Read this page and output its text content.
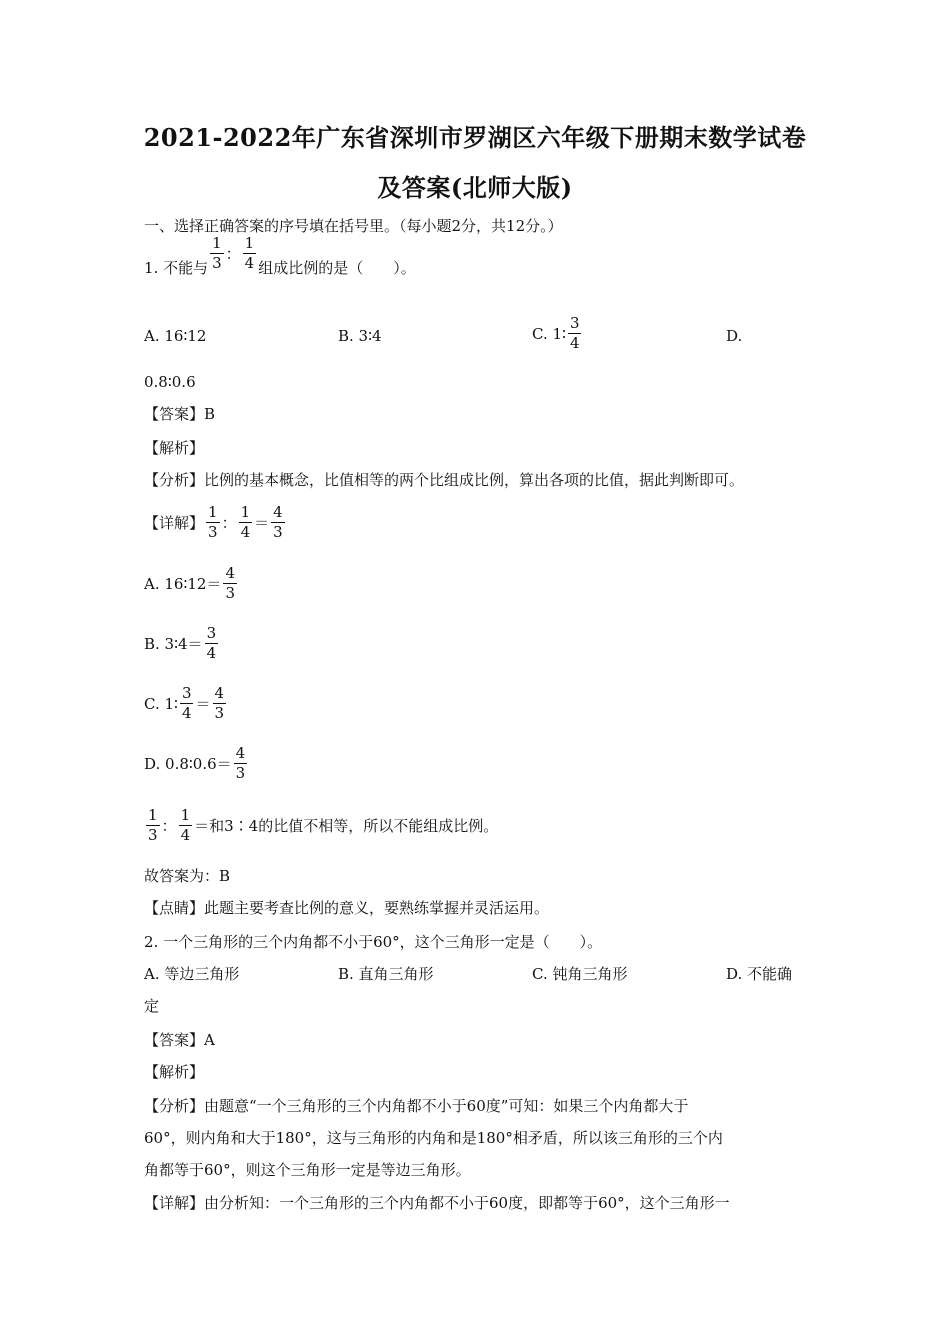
2021-2022年广东省深圳市罗湖区六年级下册期末数学试卷
及答案(北师大版)
一、选择正确答案的序号填在括号里。（每小题2分，共12分。）
1. 不能与 $\frac{1}{3}$ ： $\frac{1}{4}$ 组成比例的是（　　）。
A. 16∶12	B. 3∶4	C. 1∶ $\frac{3}{4}$	D.
0.8∶0.6
【答案】B
【解析】
【分析】比例的基本概念，比值相等的两个比组成比例，算出各项的比值，据此判断即可。
【详解】 $\frac{1}{3}$ ： $\frac{1}{4} = \frac{4}{3}$
A. 16∶12＝ $\frac{4}{3}$
B. 3∶4＝ $\frac{3}{4}$
C. 1∶ $\frac{3}{4} = \frac{4}{3}$
D. 0.8∶0.6＝ $\frac{4}{3}$
$\frac{1}{3}$ ： $\frac{1}{4}$ ＝和3∶4的比值不相等，所以不能组成比例。
故答案为：B
【点睛】此题主要考查比例的意义，要熟练掌握并灵活运用。
2. 一个三角形的三个内角都不小于60°，这个三角形一定是（　　）。
A. 等边三角形	B. 直角三角形	C. 钝角三角形	D. 不能确
定
【答案】A
【解析】
【分析】由题意“一个三角形的三个内角都不小于60度”可知：如果三个内角都大于
60°，则内角和大于180°，这与三角形的内角和是180°相矛盾，所以该三角形的三个内
角都等于60°，则这个三角形一定是等边三角形。
【详解】由分析知：一个三角形的三个内角都不小于60度，即都等于60°，这个三角形一
